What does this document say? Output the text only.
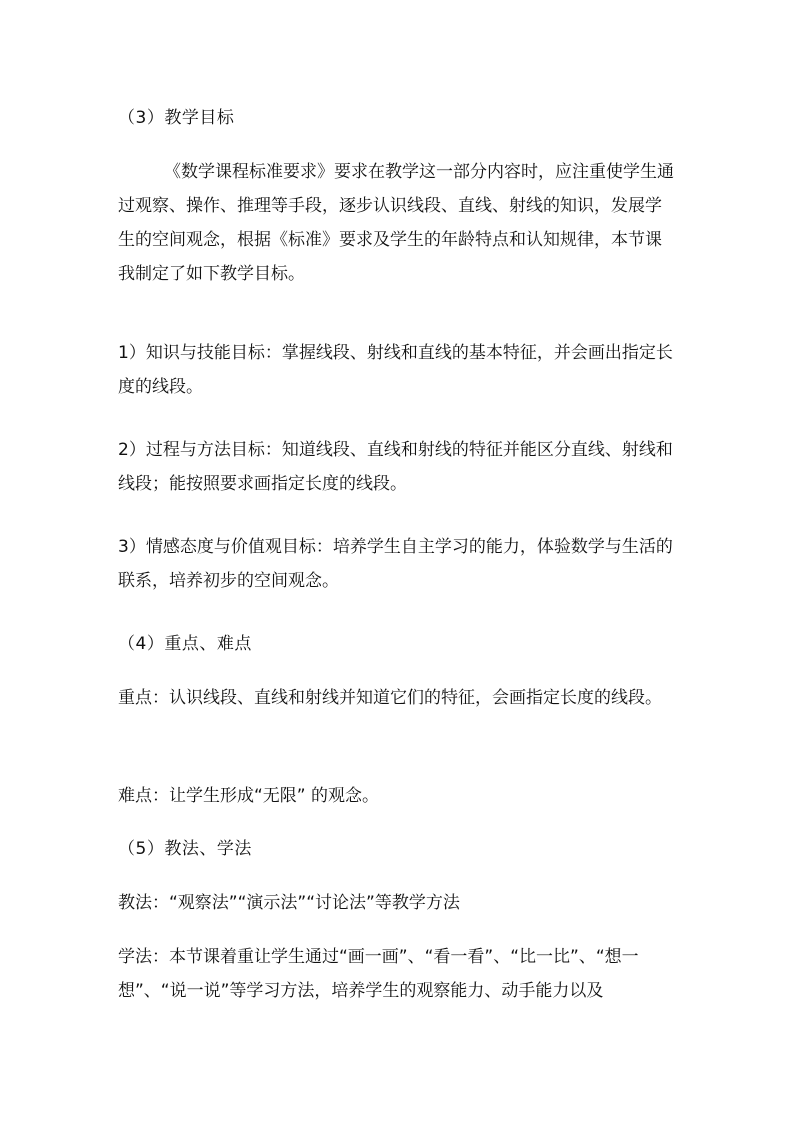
（3）教学目标

《数学课程标准要求》要求在教学这一部分内容时，应注重使学生通过观察、操作、推理等手段，逐步认识线段、直线、射线的知识，发展学生的空间观念，根据《标准》要求及学生的年龄特点和认知规律，本节课我制定了如下教学目标。

1）知识与技能目标：掌握线段、射线和直线的基本特征，并会画出指定长度的线段。

2）过程与方法目标：知道线段、直线和射线的特征并能区分直线、射线和线段；能按照要求画指定长度的线段。

3）情感态度与价值观目标：培养学生自主学习的能力，体验数学与生活的联系，培养初步的空间观念。

（4）重点、难点

重点：认识线段、直线和射线并知道它们的特征，会画指定长度的线段。

难点：让学生形成“无限” 的观念。

（5）教法、学法

教法：“观察法”“演示法”“讨论法”等教学方法

学法：本节课着重让学生通过“画一画”、“看一看”、“比一比”、“想一想”、“说一说”等学习方法，培养学生的观察能力、动手能力以及
